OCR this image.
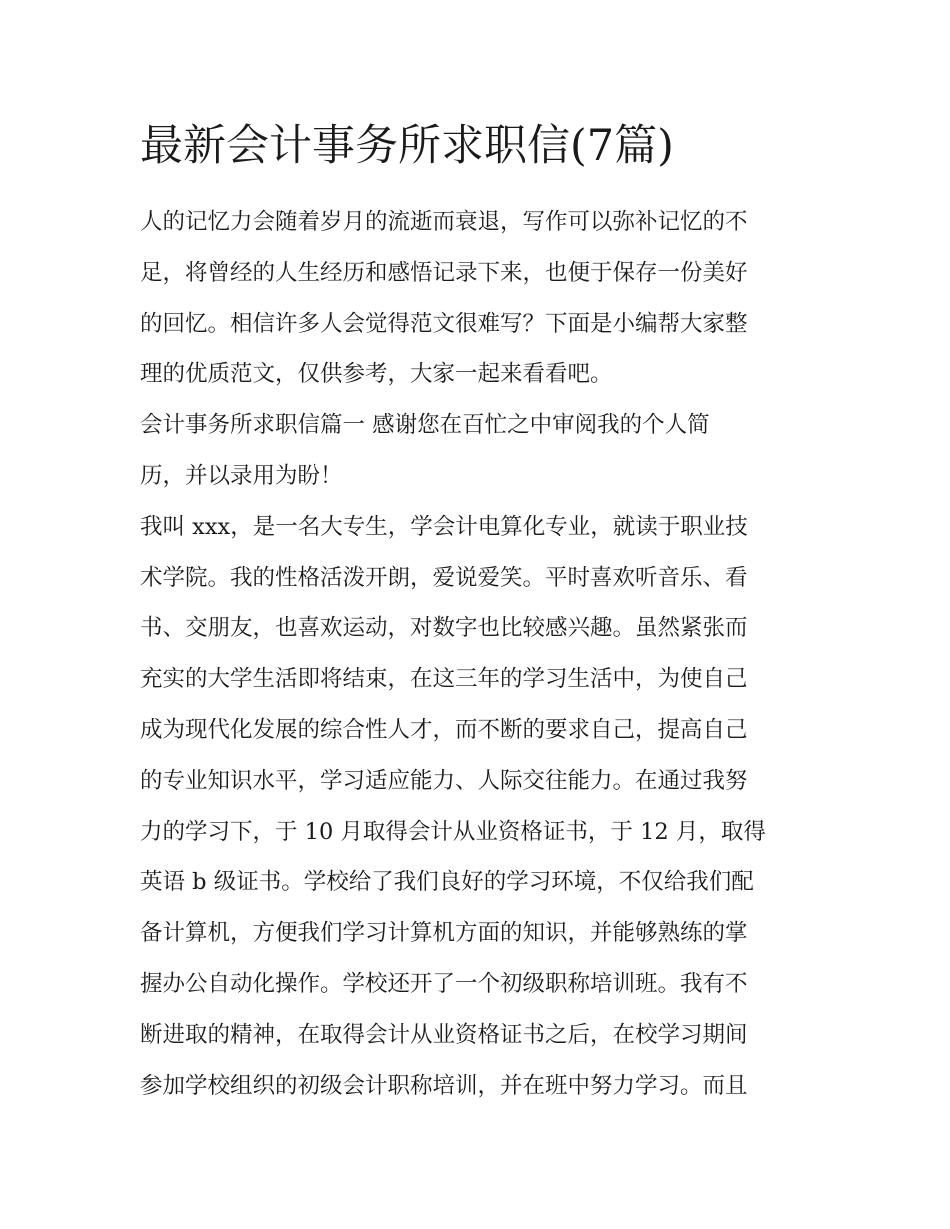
最新会计事务所求职信(7篇)
人的记忆力会随着岁月的流逝而衰退，写作可以弥补记忆的不
足，将曾经的人生经历和感悟记录下来，也便于保存一份美好
的回忆。相信许多人会觉得范文很难写？下面是小编帮大家整
理的优质范文，仅供参考，大家一起来看看吧。
会计事务所求职信篇一 感谢您在百忙之中审阅我的个人简
历，并以录用为盼！
我叫 xxx，是一名大专生，学会计电算化专业，就读于职业技
术学院。我的性格活泼开朗，爱说爱笑。平时喜欢听音乐、看
书、交朋友，也喜欢运动，对数字也比较感兴趣。虽然紧张而
充实的大学生活即将结束，在这三年的学习生活中，为使自己
成为现代化发展的综合性人才，而不断的要求自己，提高自己
的专业知识水平，学习适应能力、人际交往能力。在通过我努
力的学习下，于 10 月取得会计从业资格证书，于 12 月，取得
英语 b 级证书。学校给了我们良好的学习环境，不仅给我们配
备计算机，方便我们学习计算机方面的知识，并能够熟练的掌
握办公自动化操作。学校还开了一个初级职称培训班。我有不
断进取的精神，在取得会计从业资格证书之后，在校学习期间
参加学校组织的初级会计职称培训，并在班中努力学习。而且
